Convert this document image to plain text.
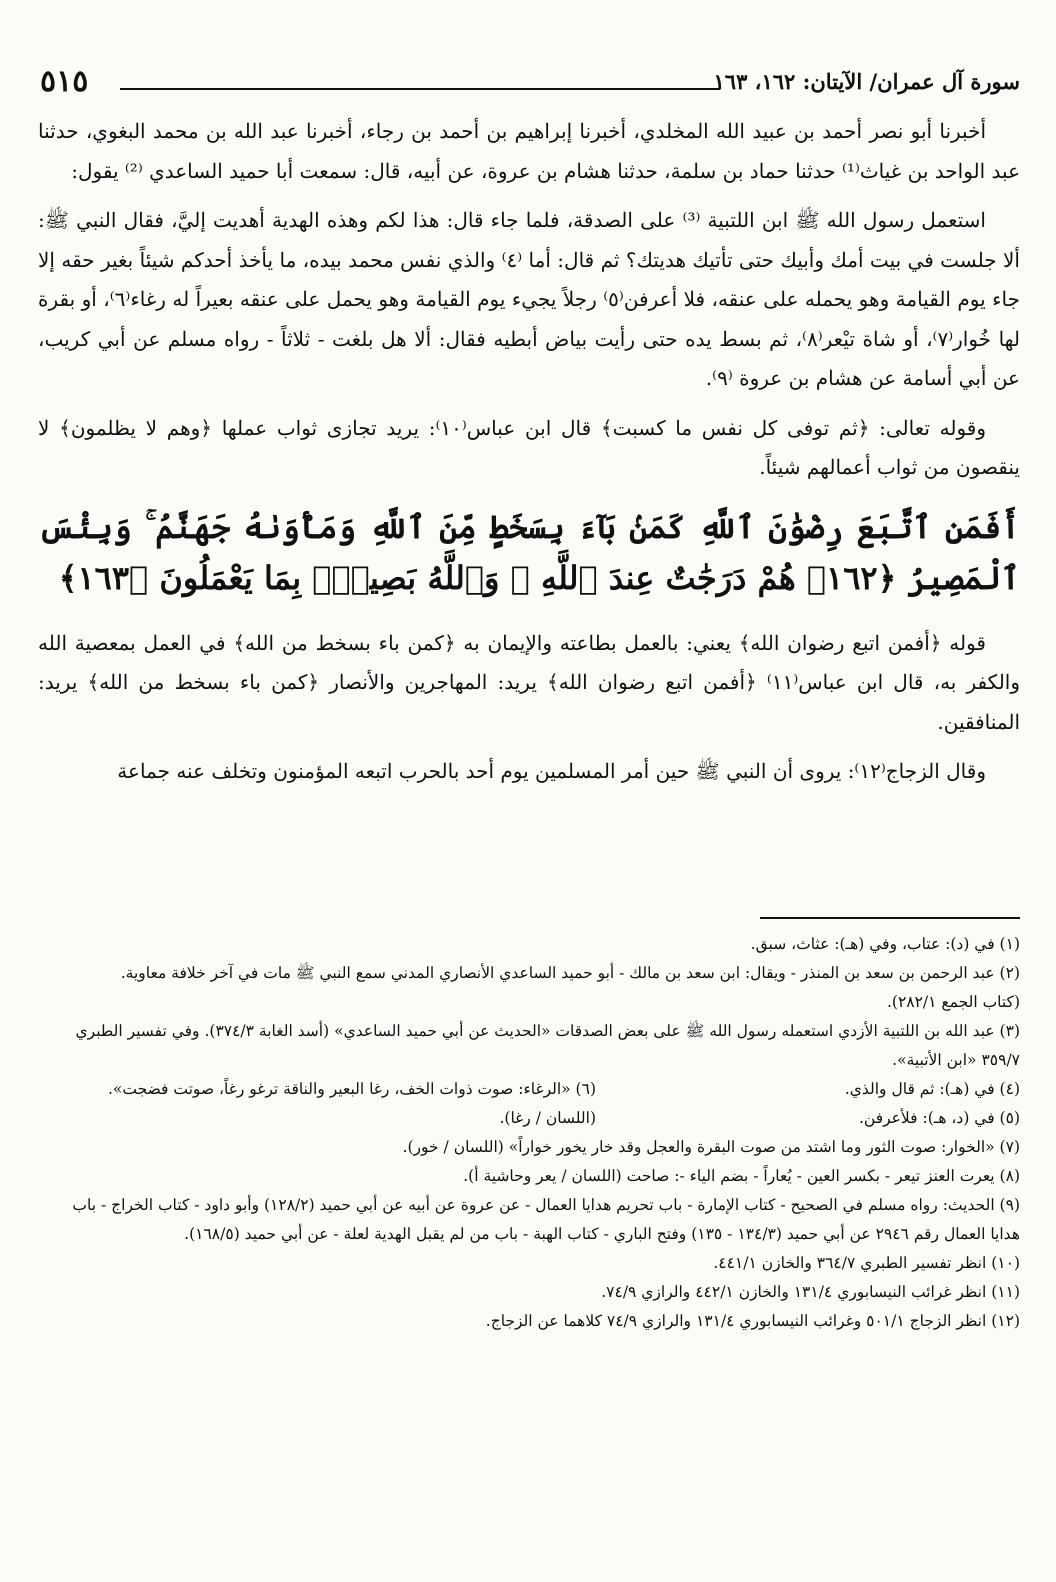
٥١٥	سورة آل عمران/ الآيتان: ١٦٢، ١٦٣

أخبرنا أبو نصر أحمد بن عبيد الله المخلدي، أخبرنا إبراهيم بن أحمد بن رجاء، أخبرنا عبد الله بن محمد البغوي، حدثنا عبد الواحد بن غياث⁽¹⁾ حدثنا حماد بن سلمة، حدثنا هشام بن عروة، عن أبيه، قال: سمعت أبا حميد الساعدي ⁽²⁾ يقول:

استعمل رسول الله ﷺ ابن اللتبية ⁽³⁾ على الصدقة، فلما جاء قال: هذا لكم وهذه الهدية أهديت إليَّ، فقال النبي ﷺ: ألا جلست في بيت أمك وأبيك حتى تأتيك هديتك؟ ثم قال: أما ⁽٤⁾ والذي نفس محمد بيده، ما يأخذ أحدكم شيئاً بغير حقه إلا جاء يوم القيامة وهو يحمله على عنقه، فلا أعرفن⁽٥⁾ رجلاً يجيء يوم القيامة وهو يحمل على عنقه بعيراً له رغاء⁽٦⁾، أو بقرة لها خُوار⁽٧⁾، أو شاة تيْعر⁽٨⁾، ثم بسط يده حتى رأيت بياض أبطيه فقال: ألا هل بلغت - ثلاثاً - رواه مسلم عن أبي كريب، عن أبي أسامة عن هشام بن عروة ⁽٩⁾.

وقوله تعالى: ﴿ثم توفى كل نفس ما كسبت﴾ قال ابن عباس⁽١٠⁾: يريد تجازى ثواب عملها ﴿وهم لا يظلمون﴾ لا ينقصون من ثواب أعمالهم شيئاً.

أَفَمَنِ ٱتَّبَعَ رِضْوَٰنَ ٱللَّهِ كَمَنۢ بَآءَ بِسَخَطٍ مِّنَ ٱللَّهِ وَمَأْوَىٰهُ جَهَنَّمُ ۚ وَبِئْسَ ٱلْمَصِيرُ ﴿١٦٢﴾ هُمْ دَرَجَٰتٌ عِندَ ٱللَّهِ ۗ وَٱللَّهُ بَصِيرٌۢ بِمَا يَعْمَلُونَ ﴿١٦٣﴾

قوله ﴿أفمن اتبع رضوان الله﴾ يعني: بالعمل بطاعته والإيمان به ﴿كمن باء بسخط من الله﴾ في العمل بمعصية الله والكفر به، قال ابن عباس⁽١١⁾ ﴿أفمن اتبع رضوان الله﴾ يريد: المهاجرين والأنصار ﴿كمن باء بسخط من الله﴾ يريد: المنافقين.

وقال الزجاج⁽١٢⁾: يروى أن النبي ﷺ حين أمر المسلمين يوم أحد بالحرب اتبعه المؤمنون وتخلف عنه جماعة

(١) في (د): عتاب، وفي (هـ): عثاث، سبق.

(٢) عبد الرحمن بن سعد بن المنذر - ويقال: ابن سعد بن مالك - أبو حميد الساعدي الأنصاري المدني سمع النبي ﷺ مات في آخر خلافة معاوية.

(كتاب الجمع ٢٨٢/١).

(٣) عبد الله بن اللتبية الأزدي استعمله رسول الله ﷺ على بعض الصدقات «الحديث عن أبي حميد الساعدي» (أسد الغابة ٣٧٤/٣). وفي تفسير الطبري ٣٥٩/٧ «ابن الأتبية».

(٤) في (هـ): ثم قال والذي.
(٦) «الرغاء: صوت ذوات الخف، رغا البعير والناقة ترغو رغاً، صوتت فضجت».
(٥) في (د، هـ): فلأعرفن.
(اللسان / رغا).

(٧) «الخوار: صوت الثور وما اشتد من صوت البقرة والعجل وقد خار يخور خواراً» (اللسان / خور).

(٨) يعرت العنز تيعر - بكسر العين - يُعاراً - بضم الياء -: صاحت (اللسان / يعر وحاشية أ).

(٩) الحديث: رواه مسلم في الصحيح - كتاب الإمارة - باب تحريم هدايا العمال - عن عروة عن أبيه عن أبي حميد (١٢٨/٢) وأبو داود - كتاب الخراج - باب هدايا العمال رقم ٢٩٤٦ عن أبي حميد (١٣٤/٣ - ١٣٥) وفتح الباري - كتاب الهبة - باب من لم يقبل الهدية لعلة - عن أبي حميد (١٦٨/٥).

(١٠) انظر تفسير الطبري ٣٦٤/٧ والخازن ٤٤١/١.

(١١) انظر غرائب النيسابوري ١٣١/٤ والخازن ٤٤٢/١ والرازي ٧٤/٩.

(١٢) انظر الزجاج ٥٠١/١ وغرائب النيسابوري ١٣١/٤ والرازي ٧٤/٩ كلاهما عن الزجاج.
